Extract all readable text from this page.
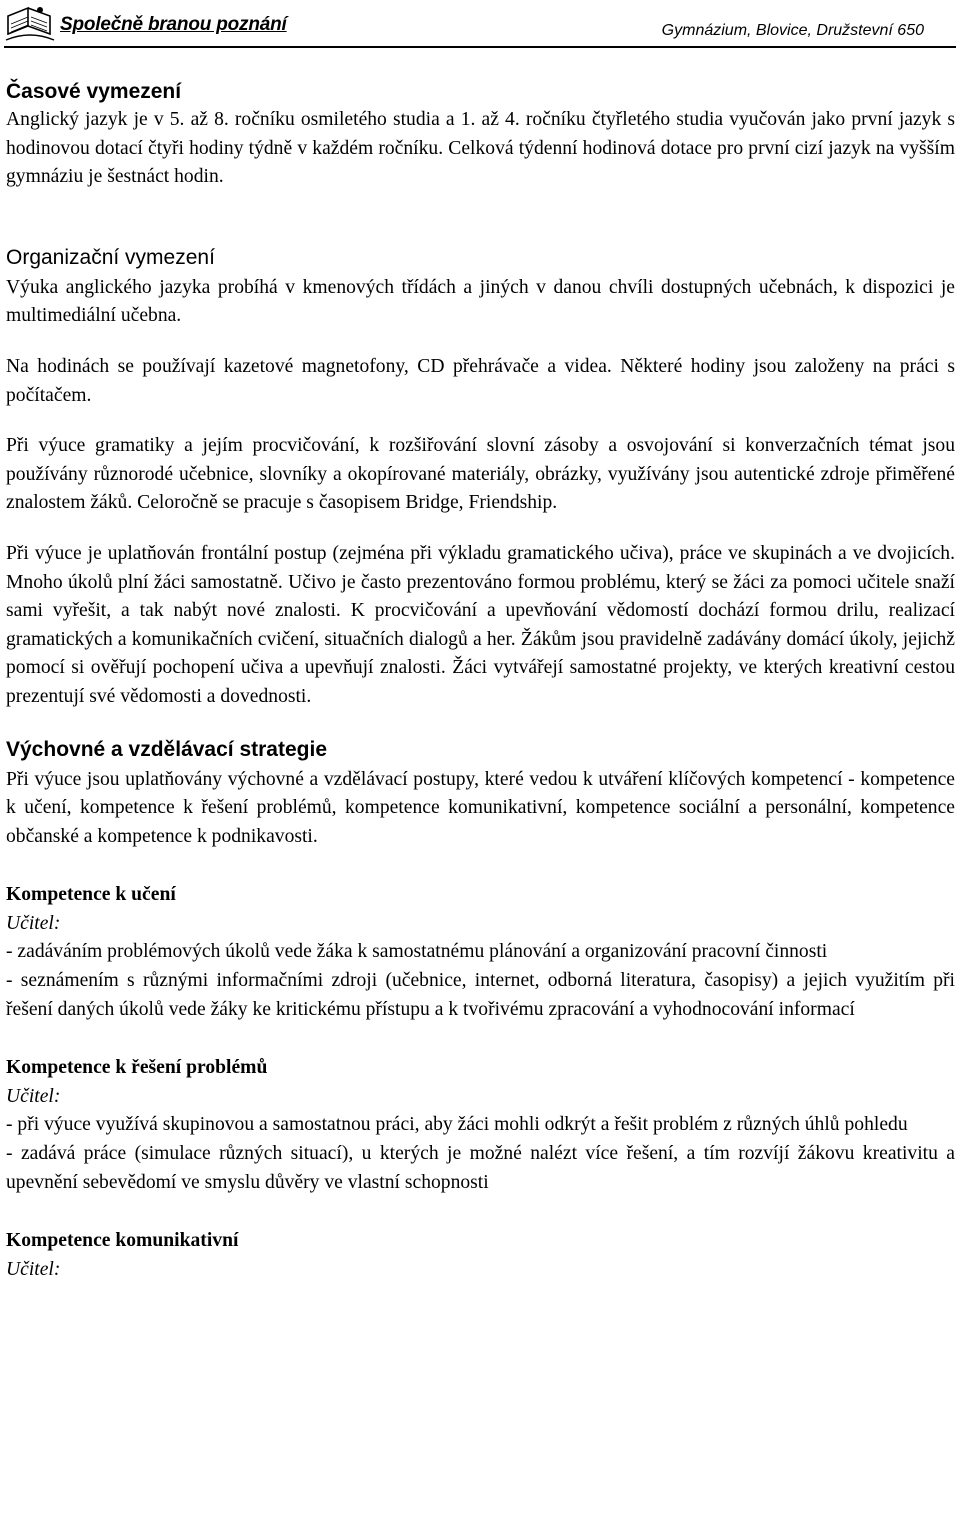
Společně branou poznání	Gymnázium, Blovice, Družstevní 650
Časové vymezení

Anglický jazyk je v 5. až 8. ročníku osmiletého studia a 1. až 4. ročníku čtyřletého studia vyučován jako první jazyk s hodinovou dotací čtyři hodiny týdně v každém ročníku. Celková týdenní hodinová dotace pro první cizí jazyk na vyšším gymnáziu je šestnáct hodin.

Organizační vymezení

Výuka anglického jazyka probíhá v kmenových třídách a jiných v danou chvíli dostupných učebnách, k dispozici je multimediální učebna.

Na hodinách se používají kazetové magnetofony, CD přehrávače a videa. Některé hodiny jsou založeny na práci s počítačem.

Při výuce gramatiky a jejím procvičování, k rozšiřování slovní zásoby a osvojování si konverzačních témat jsou používány různorodé učebnice, slovníky a okopírované materiály, obrázky, využívány jsou autentické zdroje přiměřené znalostem žáků. Celoročně se pracuje s časopisem Bridge, Friendship.

Při výuce je uplatňován frontální postup (zejména při výkladu gramatického učiva), práce ve skupinách a ve dvojicích. Mnoho úkolů plní žáci samostatně. Učivo je často prezentováno formou problému, který se žáci za pomoci učitele snaží sami vyřešit, a tak nabýt nové znalosti. K procvičování a upevňování vědomostí dochází formou drilu, realizací gramatických a komunikačních cvičení, situačních dialogů a her. Žákům jsou pravidelně zadávány domácí úkoly, jejichž pomocí si ověřují pochopení učiva a upevňují znalosti. Žáci vytvářejí samostatné projekty, ve kterých kreativní cestou prezentují své vědomosti a dovednosti.

Výchovné a vzdělávací strategie

Při výuce jsou uplatňovány výchovné a vzdělávací postupy, které vedou k utváření klíčových kompetencí - kompetence k učení, kompetence k řešení problémů, kompetence komunikativní, kompetence sociální a personální, kompetence občanské a kompetence k podnikavosti.

Kompetence k učení

Učitel:

- zadáváním problémových úkolů vede žáka k samostatnému plánování a organizování pracovní činnosti

- seznámením s různými informačními zdroji (učebnice, internet, odborná literatura, časopisy) a jejich využitím při řešení daných úkolů vede žáky ke kritickému přístupu a k tvořivému zpracování a vyhodnocování informací

Kompetence k řešení problémů

Učitel:

- při výuce využívá skupinovou a samostatnou práci, aby žáci mohli odkrýt a řešit problém z různých úhlů pohledu

- zadává práce (simulace různých situací), u kterých je možné nalézt více řešení, a tím rozvíjí žákovu kreativitu a upevnění sebevědomí ve smyslu důvěry ve vlastní schopnosti

Kompetence komunikativní

Učitel:
